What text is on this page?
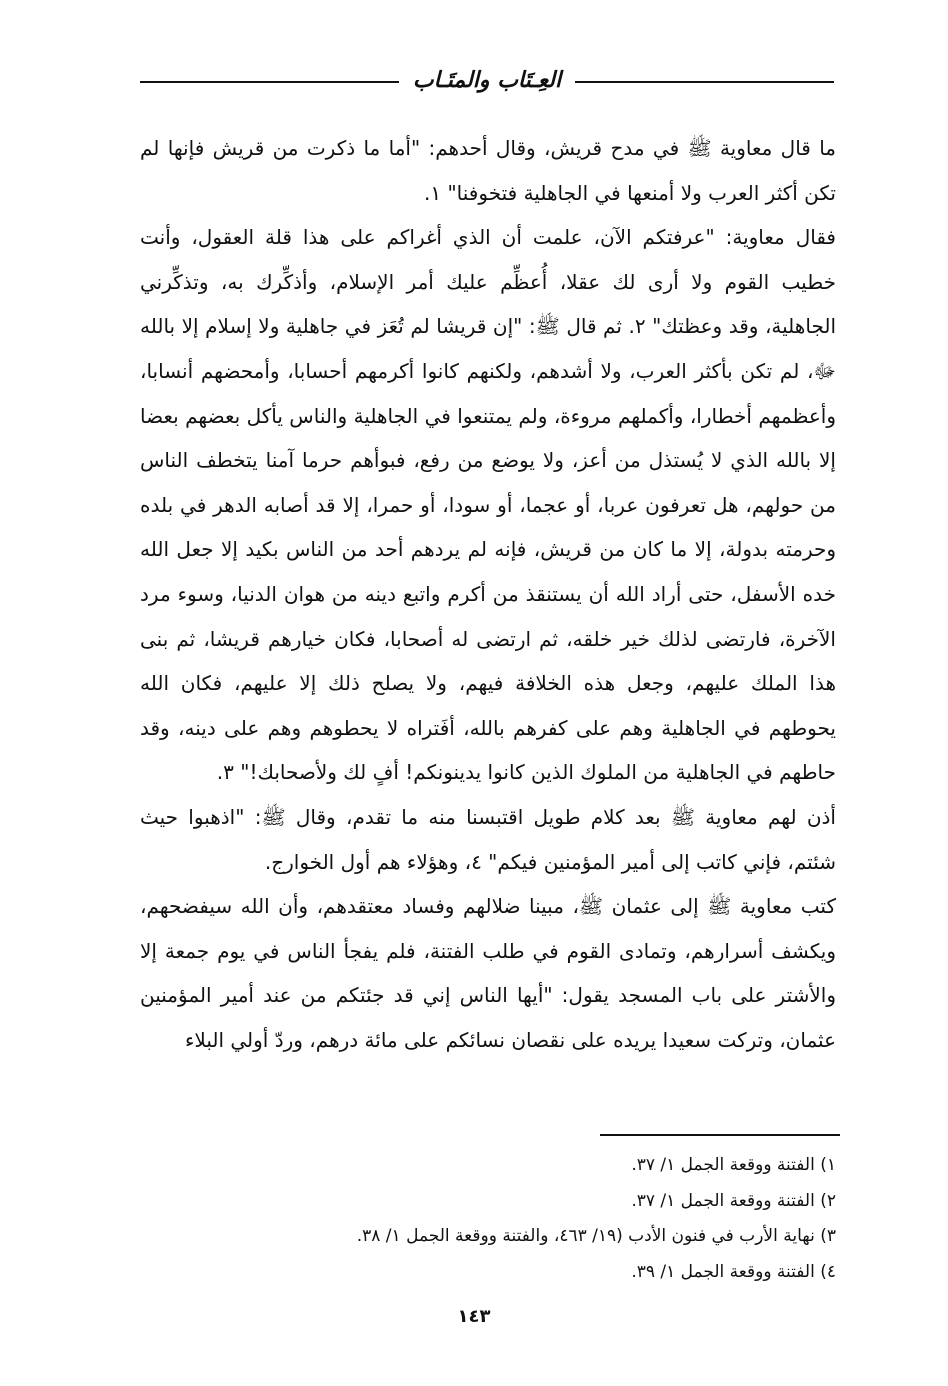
العِـتَاب والمتَـاب

ما قال معاوية ﷺ في مدح قريش، وقال أحدهم: "أما ما ذكرت من قريش فإنها لم تكن أكثر العرب ولا أمنعها في الجاهلية فتخوفنا" ١.

فقال معاوية: "عرفتكم الآن، علمت أن الذي أغراكم على هذا قلة العقول، وأنت خطيب القوم ولا أرى لك عقلا، أُعظِّم عليك أمر الإسلام، وأذكِّرك به، وتذكِّرني الجاهلية، وقد وعظتك" ٢. ثم قال ﷺ: "إن قريشا لم تُعَز في جاهلية ولا إسلام إلا بالله ﷻ، لم تكن بأكثر العرب، ولا أشدهم، ولكنهم كانوا أكرمهم أحسابا، وأمحضهم أنسابا، وأعظمهم أخطارا، وأكملهم مروءة، ولم يمتنعوا في الجاهلية والناس يأكل بعضهم بعضا إلا بالله الذي لا يُستذل من أعز، ولا يوضع من رفع، فبوأهم حرما آمنا يتخطف الناس من حولهم، هل تعرفون عربا، أو عجما، أو سودا، أو حمرا، إلا قد أصابه الدهر في بلده وحرمته بدولة، إلا ما كان من قريش، فإنه لم يردهم أحد من الناس بكيد إلا جعل الله خده الأسفل، حتى أراد الله أن يستنقذ من أكرم واتبع دينه من هوان الدنيا، وسوء مرد الآخرة، فارتضى لذلك خير خلقه، ثم ارتضى له أصحابا، فكان خيارهم قريشا، ثم بنى هذا الملك عليهم، وجعل هذه الخلافة فيهم، ولا يصلح ذلك إلا عليهم، فكان الله يحوطهم في الجاهلية وهم على كفرهم بالله، أفَتراه لا يحطوهم وهم على دينه، وقد حاطهم في الجاهلية من الملوك الذين كانوا يدينونكم! أفٍ لك ولأصحابك!" ٣.

أذن لهم معاوية ﷺ بعد كلام طويل اقتبسنا منه ما تقدم، وقال ﷺ: "اذهبوا حيث شئتم، فإني كاتب إلى أمير المؤمنين فيكم" ٤، وهؤلاء هم أول الخوارج.

كتب معاوية ﷺ إلى عثمان ﷺ، مبينا ضلالهم وفساد معتقدهم، وأن الله سيفضحهم، ويكشف أسرارهم، وتمادى القوم في طلب الفتنة، فلم يفجأ الناس في يوم جمعة إلا والأشتر على باب المسجد يقول: "أيها الناس إني قد جئتكم من عند أمير المؤمنين عثمان، وتركت سعيدا يريده على نقصان نسائكم على مائة درهم، وردّ أولي البلاء

١) الفتنة ووقعة الجمل ١/ ٣٧.

٢) الفتنة ووقعة الجمل ١/ ٣٧.

٣) نهاية الأرب في فنون الأدب (١٩/ ٤٦٣، والفتنة ووقعة الجمل ١/ ٣٨.

٤) الفتنة ووقعة الجمل ١/ ٣٩.

١٤٣
